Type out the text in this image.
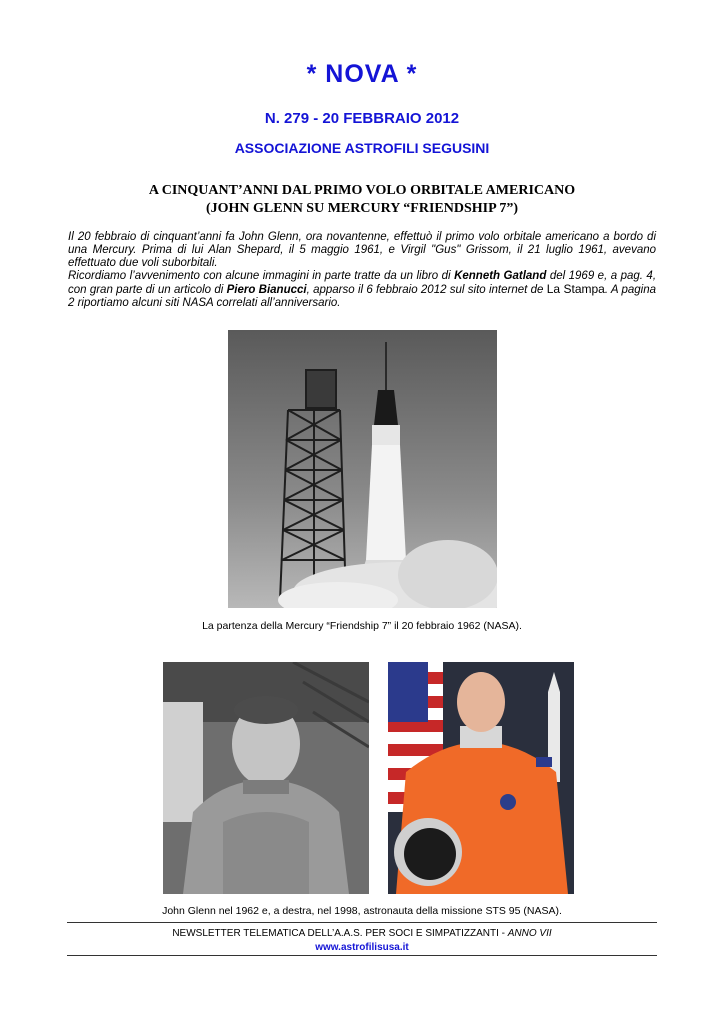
* NOVA *
N. 279 - 20 FEBBRAIO 2012
ASSOCIAZIONE ASTROFILI SEGUSINI
A CINQUANT’ANNI DAL PRIMO VOLO ORBITALE AMERICANO
(JOHN GLENN SU MERCURY “FRIENDSHIP 7”)

Il 20 febbraio di cinquant’anni fa John Glenn, ora novantenne, effettuò il primo volo orbitale americano a bordo di una Mercury. Prima di lui Alan Shepard, il 5 maggio 1961, e Virgil "Gus" Grissom, il 21 luglio 1961, avevano effettuato due voli suborbitali.

Ricordiamo l’avvenimento con alcune immagini in parte tratte da un libro di Kenneth Gatland del 1969 e, a pag. 4, con gran parte di un articolo di Piero Bianucci, apparso il 6 febbraio 2012 sul sito internet de La Stampa. A pagina 2 riportiamo alcuni siti NASA correlati all’anniversario.

La partenza della Mercury “Friendship 7” il 20 febbraio 1962 (NASA).
John Glenn nel 1962 e, a destra, nel 1998, astronauta della missione STS 95 (NASA).
NEWSLETTER TELEMATICA DELL’A.A.S. PER SOCI E SIMPATIZZANTI - ANNO VII
www.astrofilisusa.it
